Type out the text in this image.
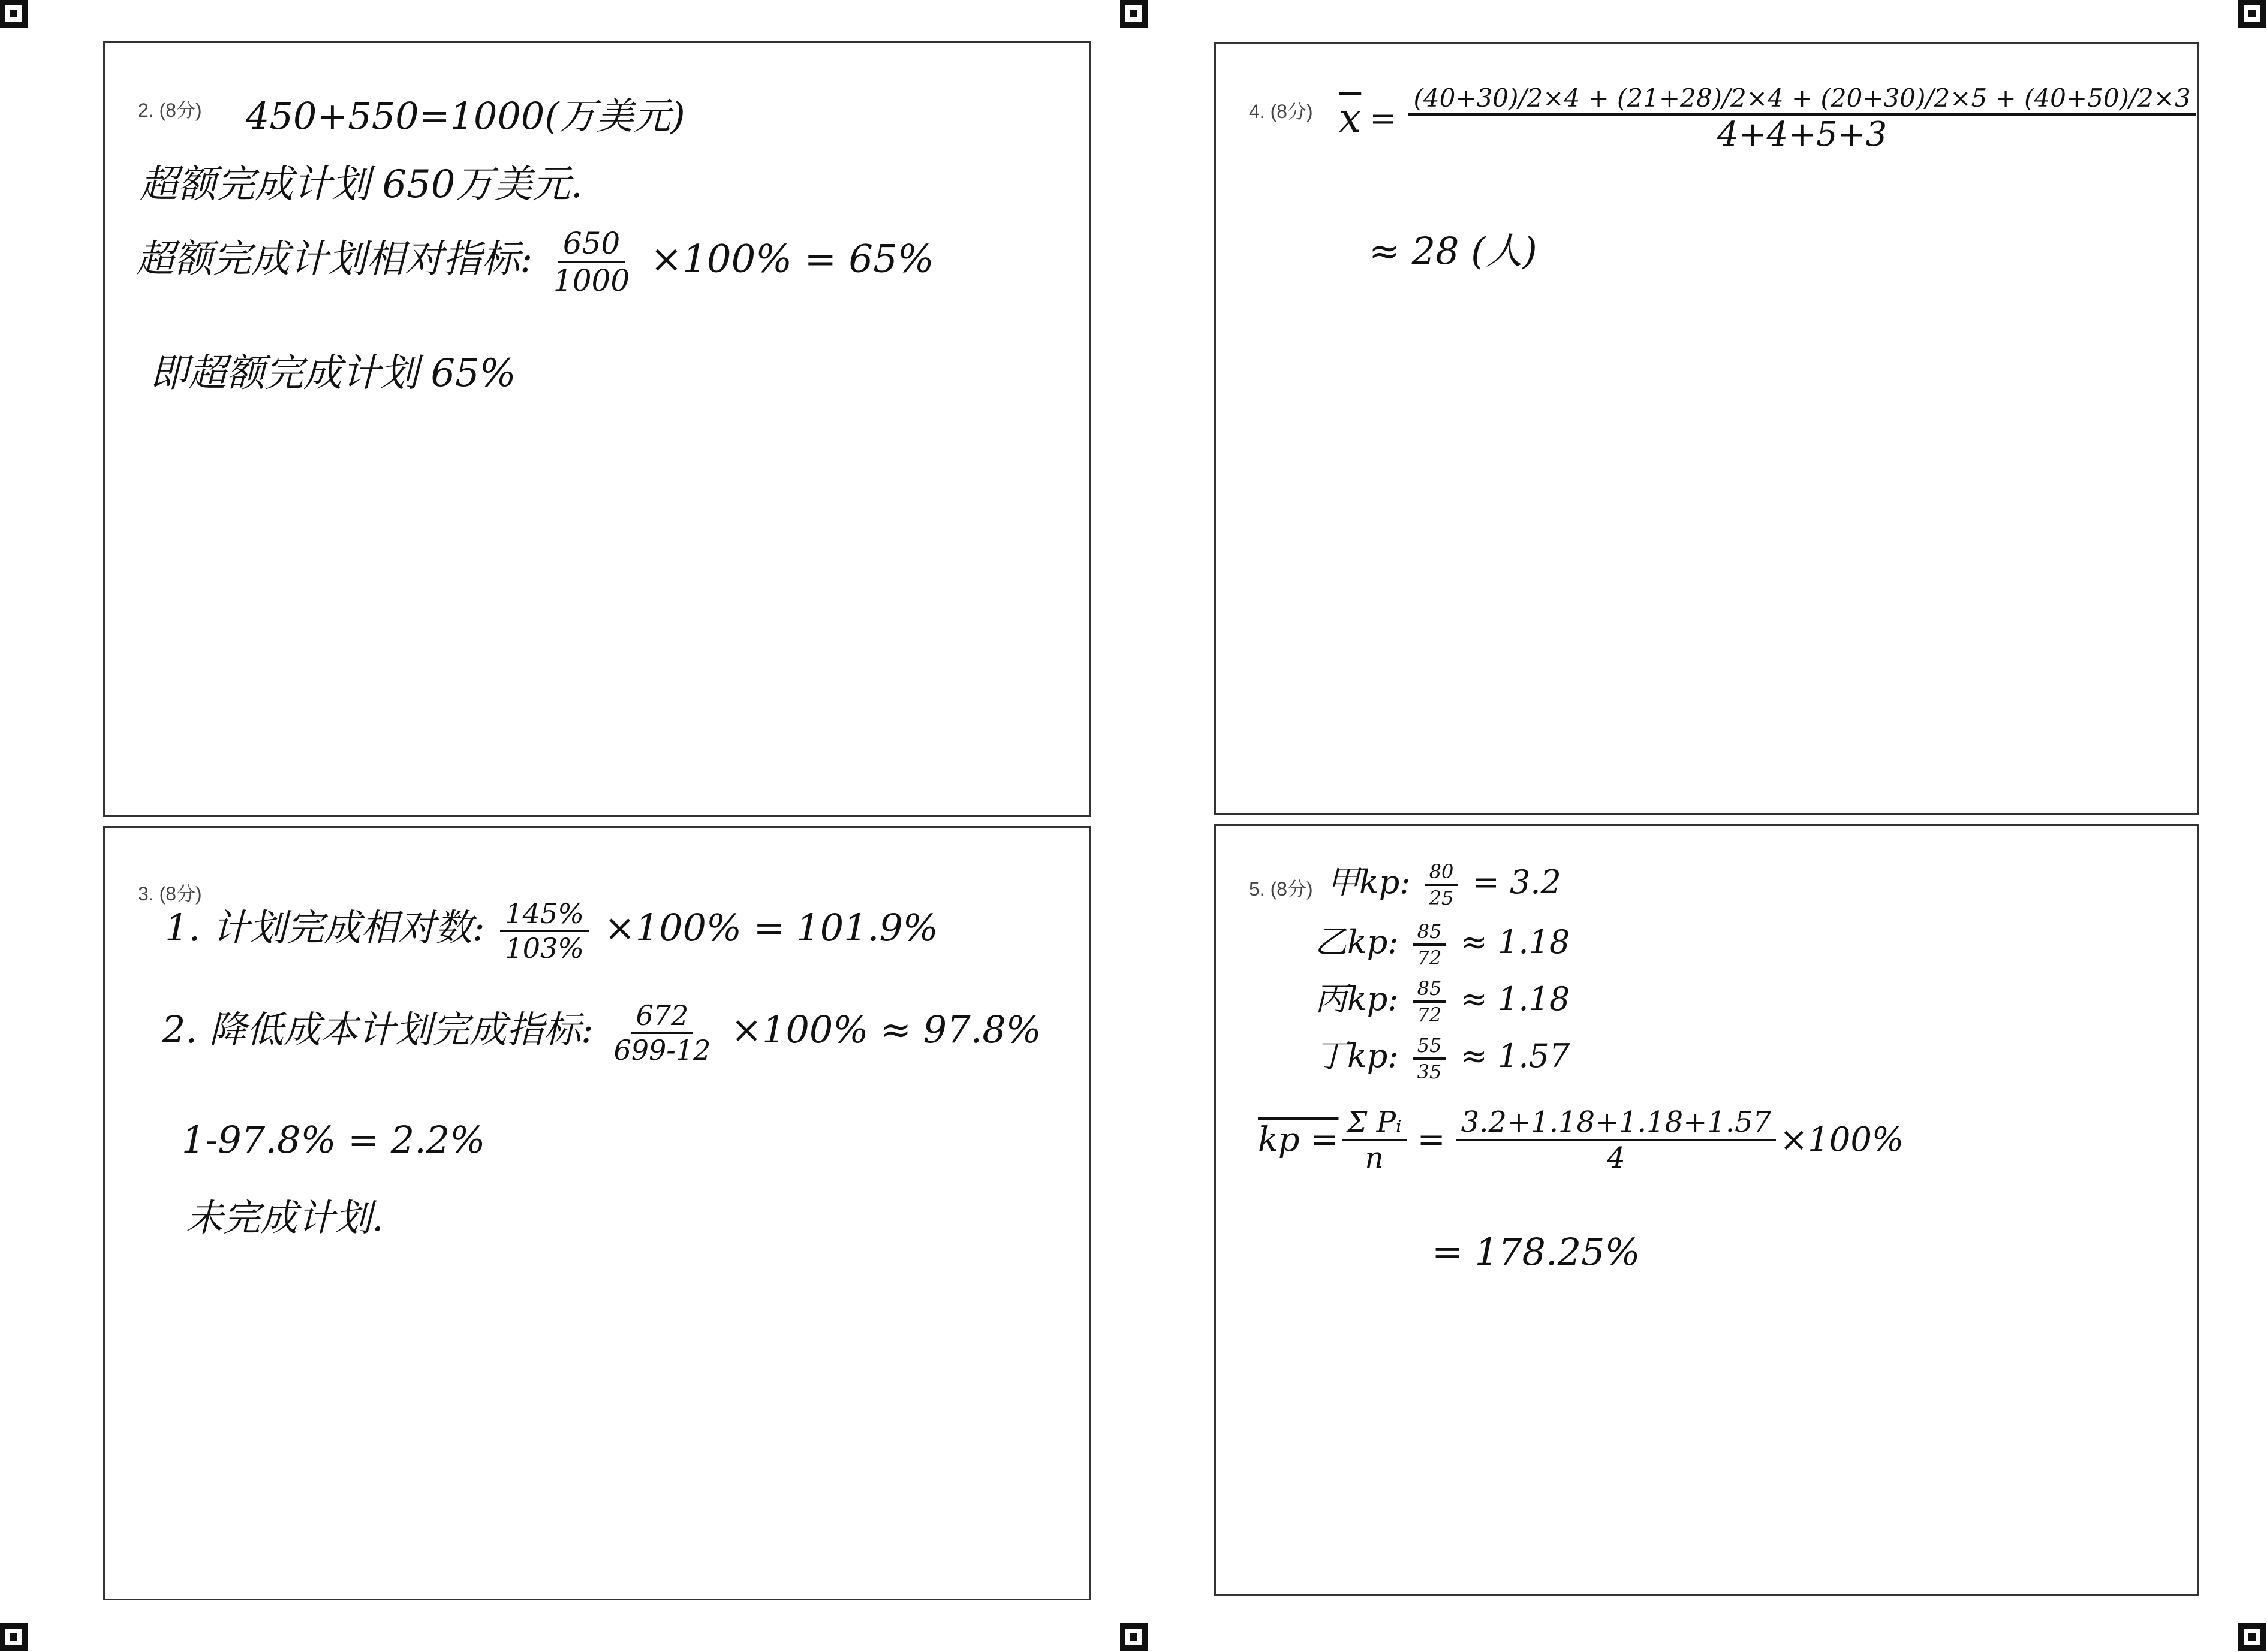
2. (8分) 450+550=1000(万美元)
超额完成计划 650万美元.
超额完成计划相对指标: $\frac{650}{1000} \times 100\% = 65\%$
即超额完成计划 65%
3. (8分)
1. 计划完成相对数: $\frac{145\%}{103\%} \times 100\% = 101.9\%$
2. 降低成本计划完成指标: $\frac{672}{699-12} \times 100\% \approx 97.8\%$
1-97.8% = 2.2%
未完成计划.
4. (8分) $\overline{x} = \frac{(40+30)/2\times 4 + (21+28)/2\times 4 + (20+30)/2\times 5 + (40+50)/2\times 3}{4+4+5+3}$
≈ 28 (人)
5. (8分) 甲kp: $\frac{80}{25} = 3.2$
乙kp: $\frac{85}{72} \approx 1.18$
丙kp: $\frac{85}{72} \approx 1.18$
丁kp: $\frac{55}{35} \approx 1.57$
kp = $\frac{\text{Σ Pᵢ}}{n} = \frac{3.2+1.18+1.18+1.57}{4} \times 100\%$
= 178.25%
